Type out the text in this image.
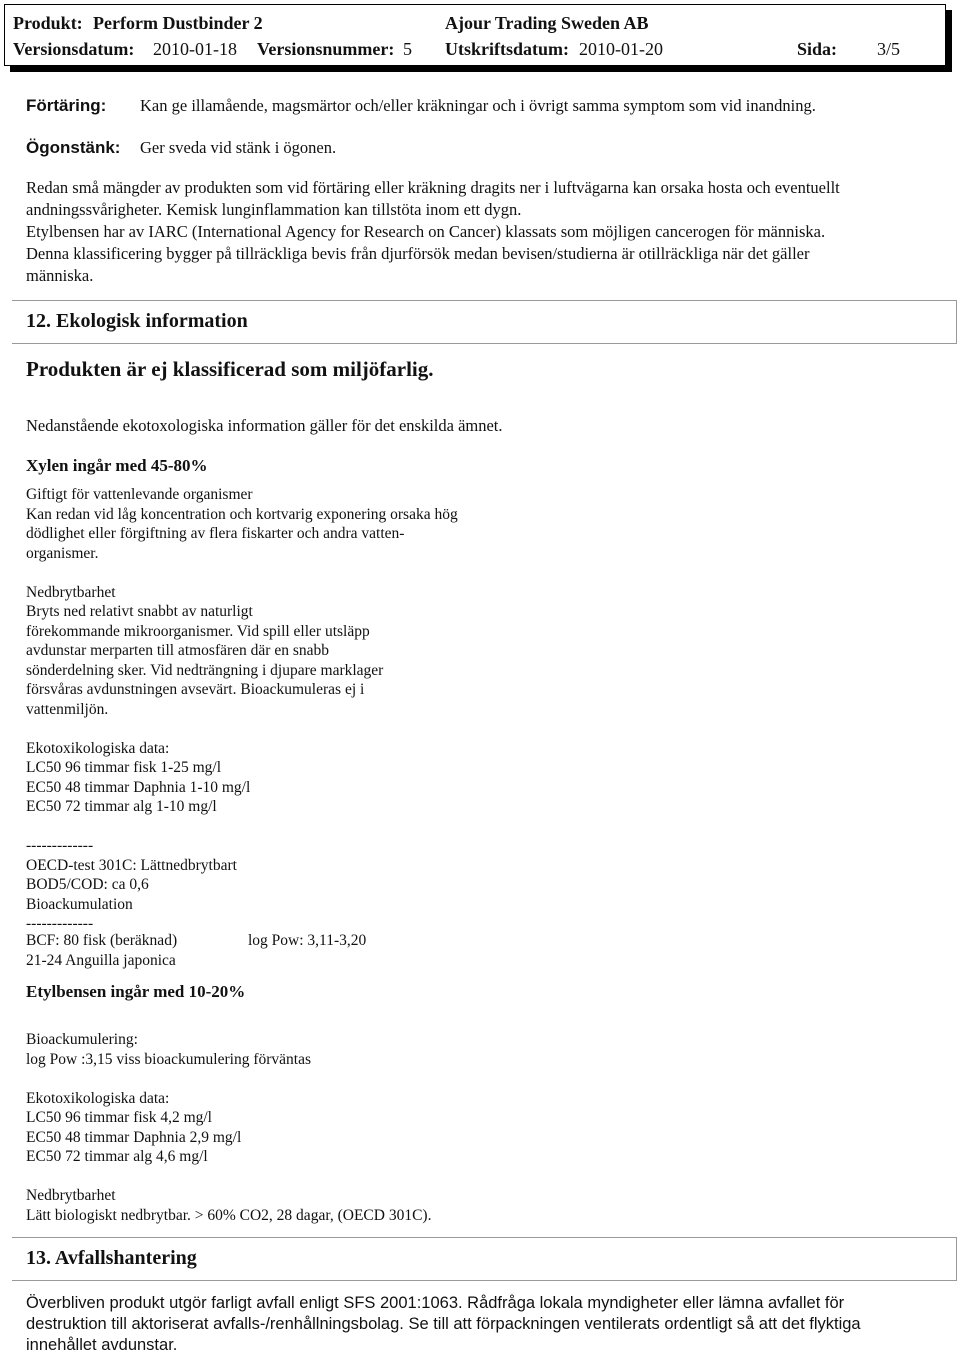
Produkt: Perform Dustbinder 2	Ajour Trading Sweden AB
Versionsdatum: 2010-01-18 Versionsnummer: 5 Utskriftsdatum: 2010-01-20	Sida: 3/5
Förtäring: Kan ge illamående, magsmärtor och/eller kräkningar och i övrigt samma symptom som vid inandning.
Ögonstänk: Ger sveda vid stänk i ögonen.
Redan små mängder av produkten som vid förtäring eller kräkning dragits ner i luftvägarna kan orsaka hosta och eventuellt
andningssvårigheter. Kemisk lunginflammation kan tillstöta inom ett dygn.
Etylbensen har av IARC (International Agency for Research on Cancer) klassats som möjligen cancerogen för människa.
Denna klassificering bygger på tillräckliga bevis från djurförsök medan bevisen/studierna är otillräckliga när det gäller
människa.
12. Ekologisk information
Produkten är ej klassificerad som miljöfarlig.
Nedanstående ekotoxologiska information gäller för det enskilda ämnet.
Xylen ingår med 45-80%
Giftigt för vattenlevande organismer
Kan redan vid låg koncentration och kortvarig exponering orsaka hög
dödlighet eller förgiftning av flera fiskarter och andra vatten-
organismer.
Nedbrytbarhet
Bryts ned relativt snabbt av naturligt
förekommande mikroorganismer. Vid spill eller utsläpp
avdunstar merparten till atmosfären där en snabb
sönderdelning sker. Vid nedträngning i djupare marklager
försvåras avdunstningen avsevärt. Bioackumuleras ej i
vattenmiljön.
Ekotoxikologiska data:
LC50 96 timmar fisk 1-25 mg/l
EC50 48 timmar Daphnia 1-10 mg/l
EC50 72 timmar alg 1-10 mg/l
-------------
OECD-test 301C: Lättnedbrytbart
BOD5/COD: ca 0,6
Bioackumulation
-------------
BCF: 80 fisk (beräknad)	log Pow: 3,11-3,20
21-24 Anguilla japonica
Etylbensen ingår med 10-20%
Bioackumulering:
log Pow :3,15 viss bioackumulering förväntas
Ekotoxikologiska data:
LC50 96 timmar fisk 4,2 mg/l
EC50 48 timmar Daphnia 2,9 mg/l
EC50 72 timmar alg 4,6 mg/l
Nedbrytbarhet
Lätt biologiskt nedbrytbar. > 60% CO2, 28 dagar, (OECD 301C).
13. Avfallshantering
Överbliven produkt utgör farligt avfall enligt SFS 2001:1063. Rådfråga lokala myndigheter eller lämna avfallet för
destruktion till aktoriserat avfalls-/renhållningsbolag. Se till att förpackningen ventilerats ordentligt så att det flyktiga
innehållet avdunstar.
